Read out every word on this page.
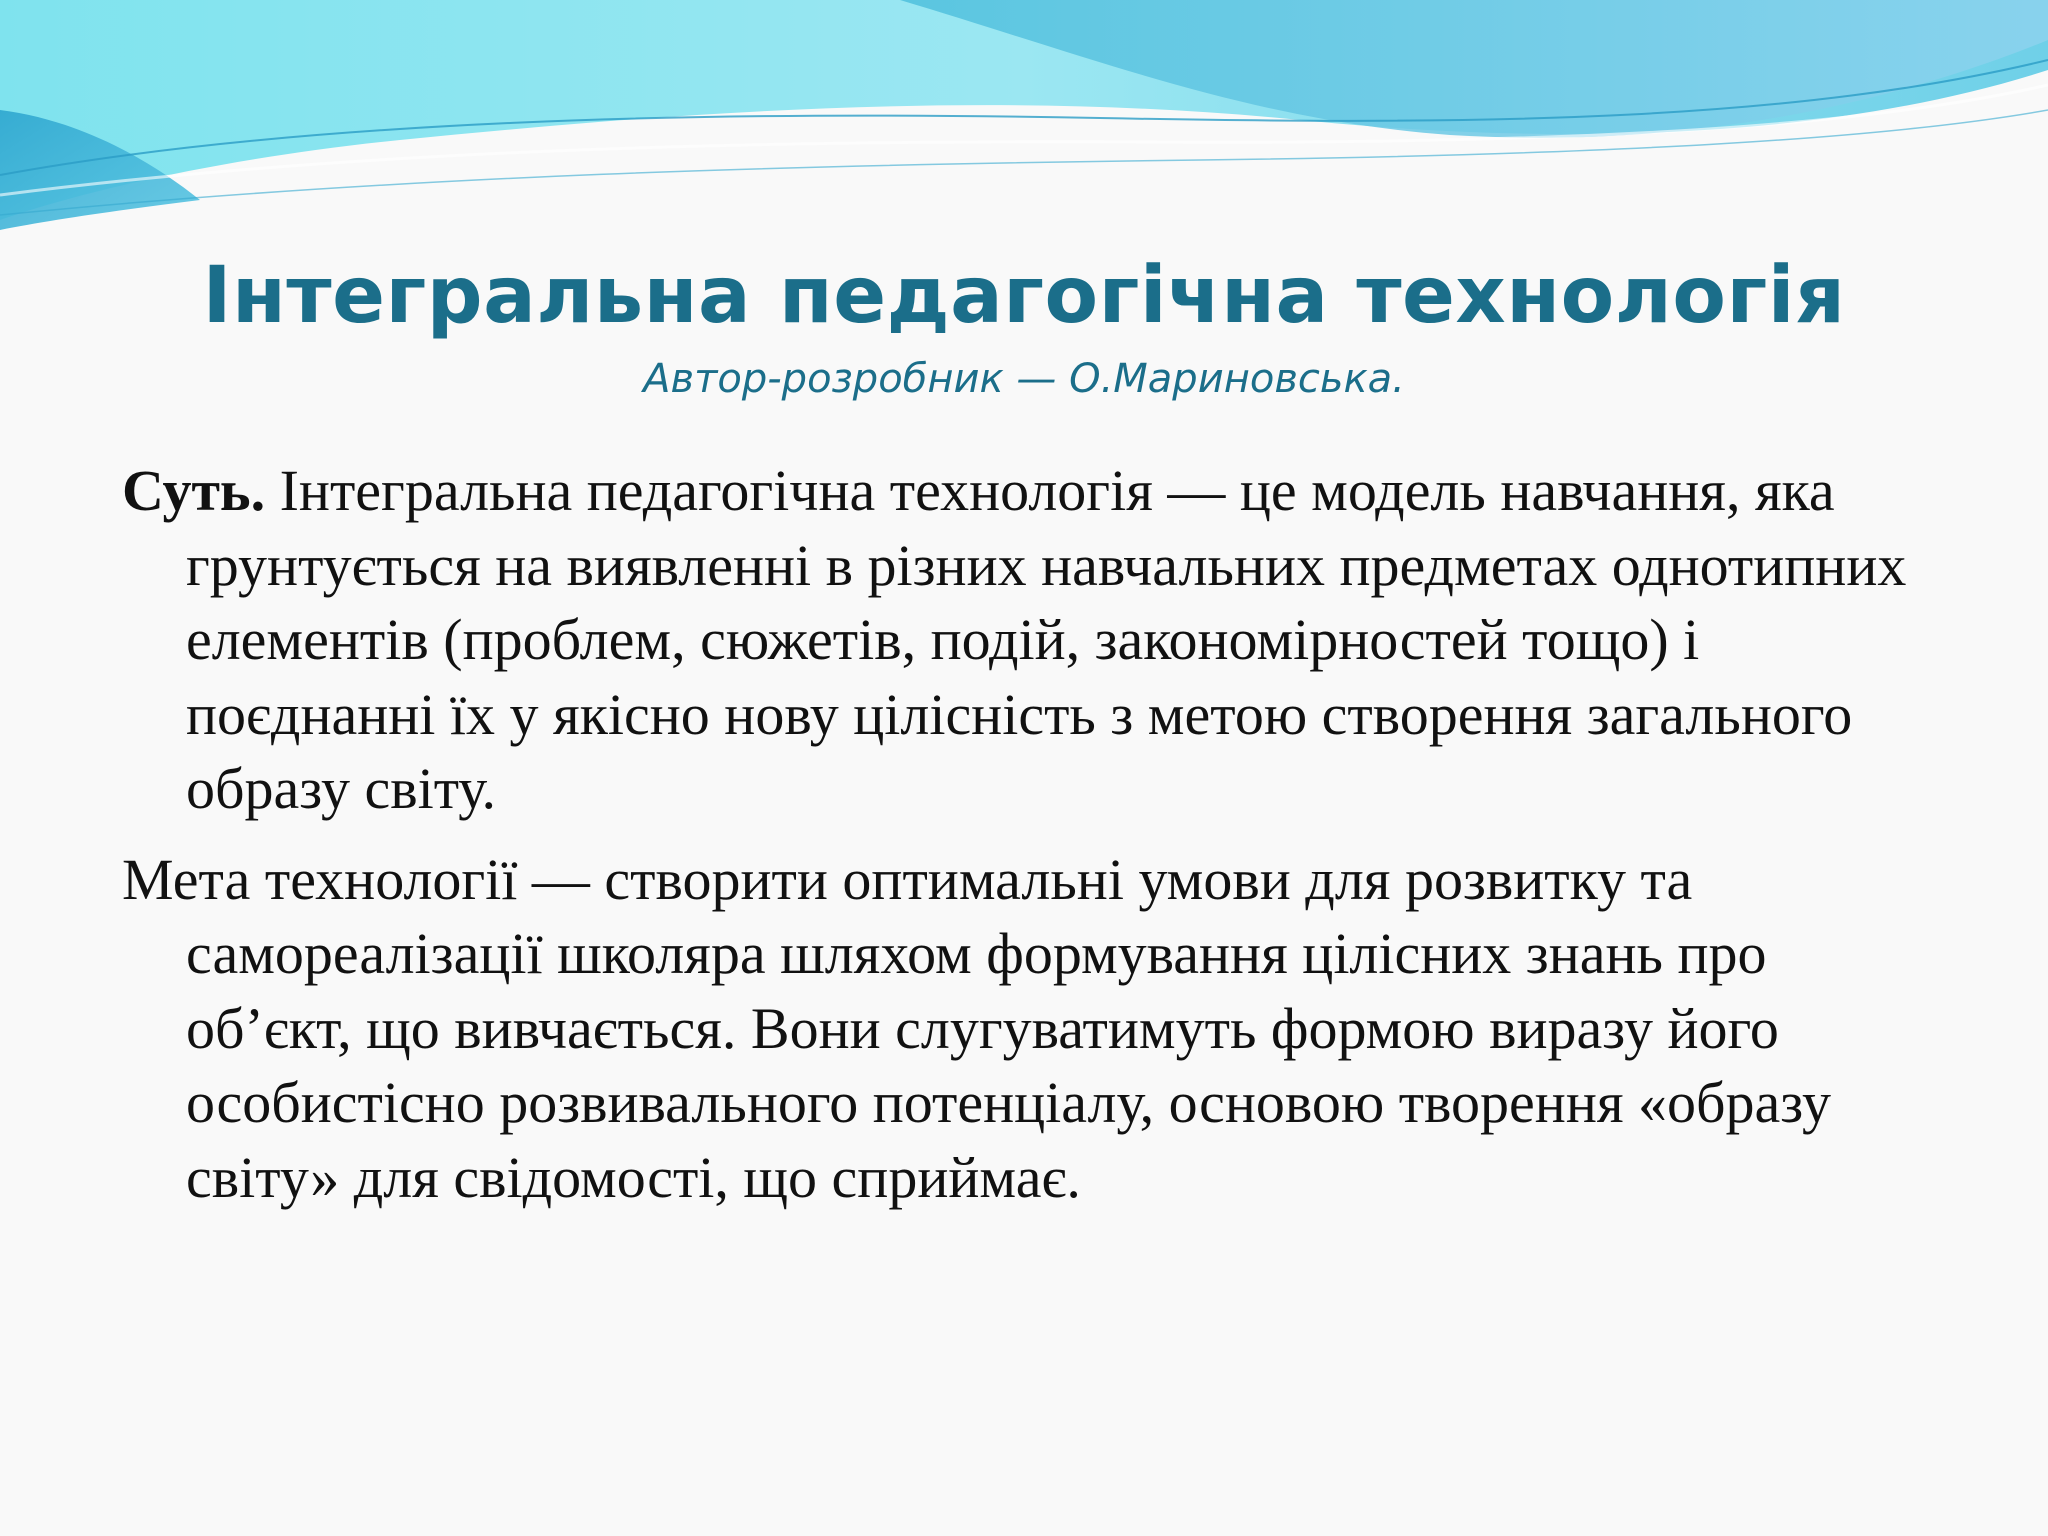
Інтегральна педагогічна технологія
Автор-розробник — О.Мариновська.

Суть. Інтегральна педагогічна технологія — це модель навчання, яка грунтується на виявленні в різних навчальних предметах однотипних елементів (проблем, сюжетів, подій, закономірностей тощо) і поєднанні їх у якісно нову цілісність з метою створення загального образу світу.

Мета технології — створити оптимальні умови для розвитку та самореалізації школяра шляхом формування цілісних знань про об’єкт, що вивчається. Вони слугуватимуть формою виразу його особистісно розвивального потенціалу, основою творення «образу світу» для свідомості, що сприймає.
